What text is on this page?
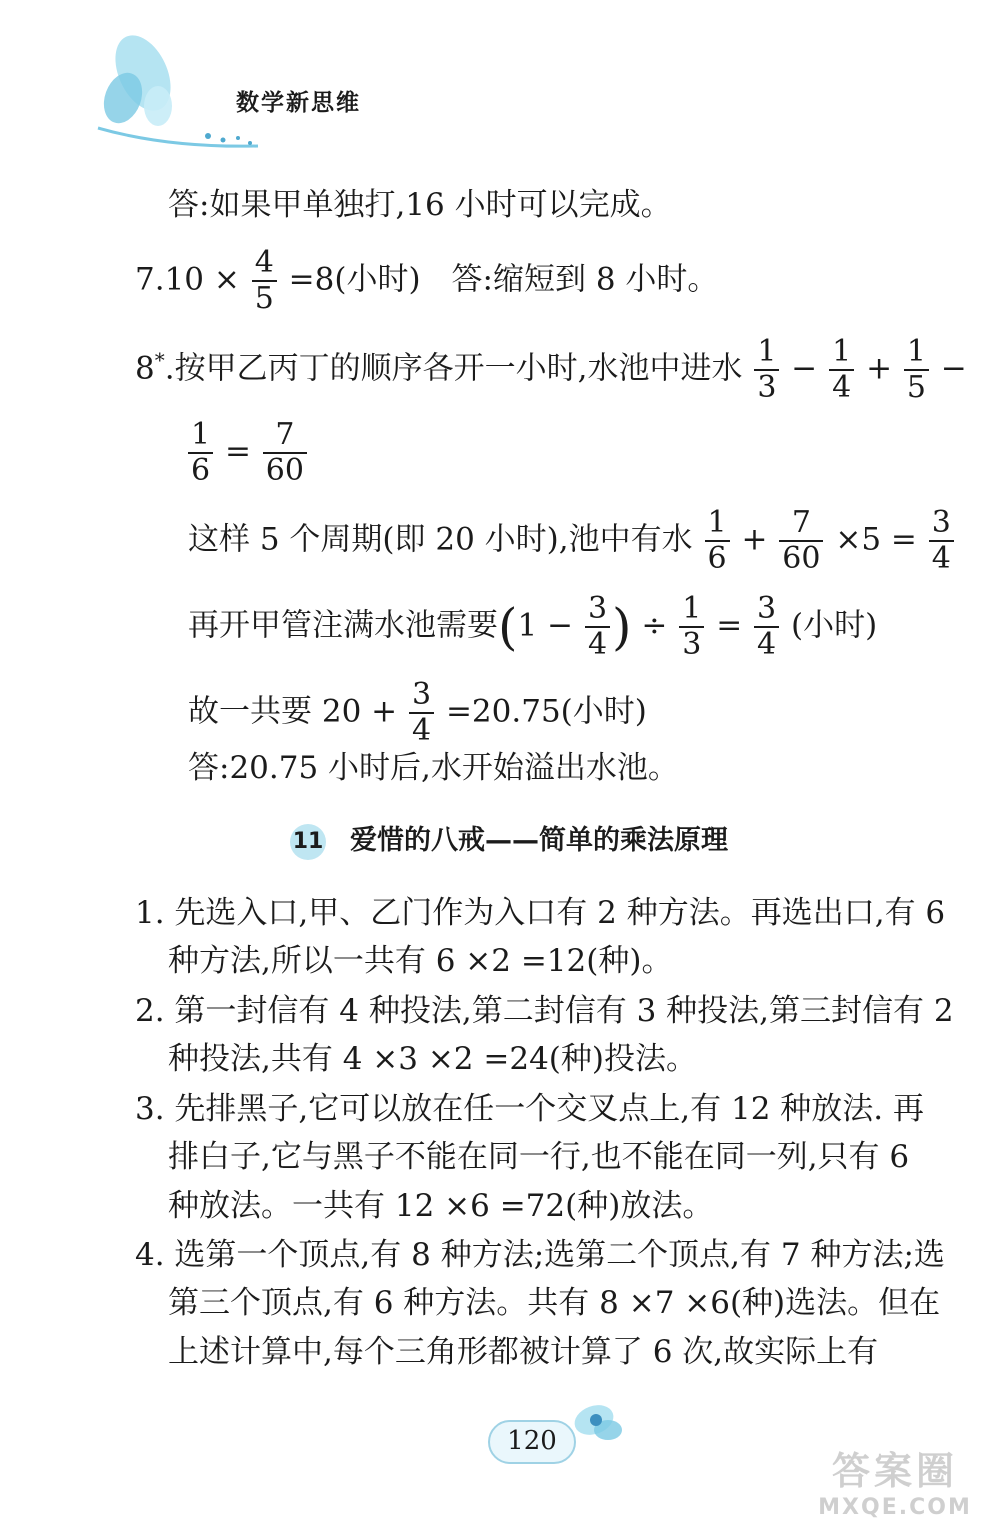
数学新思维
答:如果甲单独打,16 小时可以完成。
$7.10 \times \frac{4}{5} =8$(小时)　答:缩短到 8 小时。
8*.按甲乙丙丁的顺序各开一小时,水池中进水 $\frac{1}{3} - \frac{1}{4} + \frac{1}{5}$ −
$\frac{1}{6} = \frac{7}{60}$
这样 5 个周期(即 20 小时),池中有水 $\frac{1}{6} + \frac{7}{60} \times 5 = \frac{3}{4}$
再开甲管注满水池需要($1 - \frac{3}{4}$ ) ÷ $\frac{1}{3} = \frac{3}{4}$ (小时)
故一共要 $20 + \frac{3}{4} =20.75$(小时)
答:20.75 小时后,水开始溢出水池。
11 爱惜的八戒——简单的乘法原理
1. 先选入口,甲、乙门作为入口有 2 种方法。再选出口,有 6
种方法,所以一共有 6 ×2 =12(种)。
2. 第一封信有 4 种投法,第二封信有 3 种投法,第三封信有 2
种投法,共有 4 ×3 ×2 =24(种)投法。
3. 先排黑子,它可以放在任一个交叉点上,有 12 种放法. 再
排白子,它与黑子不能在同一行,也不能在同一列,只有 6
种放法。一共有 12 ×6 =72(种)放法。
4. 选第一个顶点,有 8 种方法;选第二个顶点,有 7 种方法;选
第三个顶点,有 6 种方法。共有 8 ×7 ×6(种)选法。但在
上述计算中,每个三角形都被计算了 6 次,故实际上有
120
答案圈
MXQE.COM
